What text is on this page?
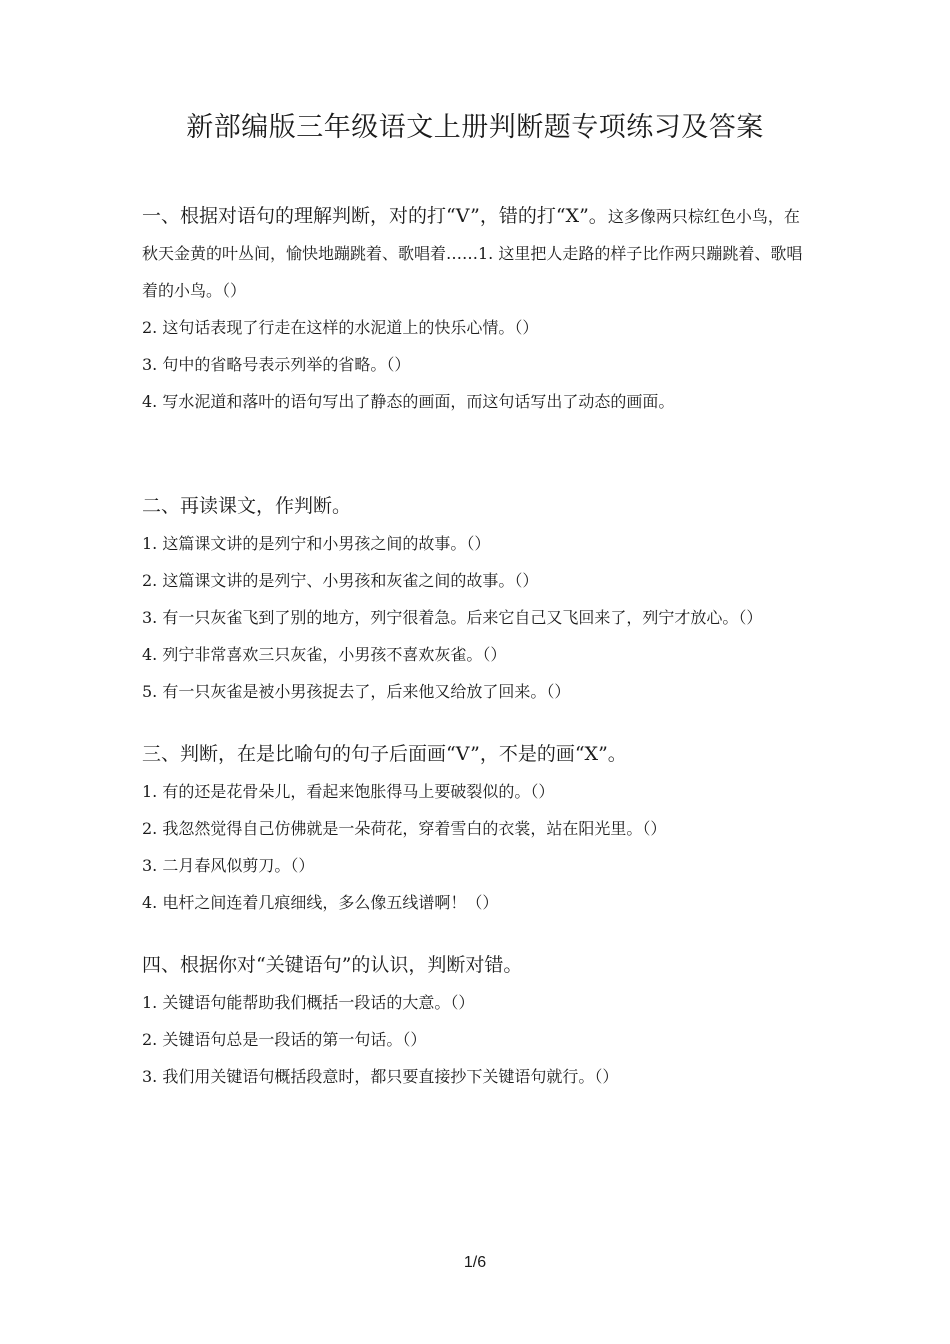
新部编版三年级语文上册判断题专项练习及答案

一、根据对语句的理解判断，对的打“V”，错的打“X”。这多像两只棕红色小鸟，在秋天金黄的叶丛间，愉快地蹦跳着、歌唱着……1. 这里把人走路的样子比作两只蹦跳着、歌唱着的小鸟。（）

2. 这句话表现了行走在这样的水泥道上的快乐心情。（）

3. 句中的省略号表示列举的省略。（）

4. 写水泥道和落叶的语句写出了静态的画面，而这句话写出了动态的画面。

二、再读课文，作判断。

1. 这篇课文讲的是列宁和小男孩之间的故事。（）

2. 这篇课文讲的是列宁、小男孩和灰雀之间的故事。（）

3. 有一只灰雀飞到了别的地方，列宁很着急。后来它自己又飞回来了，列宁才放心。（）

4. 列宁非常喜欢三只灰雀，小男孩不喜欢灰雀。（）

5. 有一只灰雀是被小男孩捉去了，后来他又给放了回来。（）

三、判断，在是比喻句的句子后面画“V”，不是的画“X”。

1. 有的还是花骨朵儿，看起来饱胀得马上要破裂似的。（）

2. 我忽然觉得自己仿佛就是一朵荷花，穿着雪白的衣裳，站在阳光里。（）

3. 二月春风似剪刀。（）

4. 电杆之间连着几痕细线，多么像五线谱啊！（）

四、根据你对“关键语句”的认识，判断对错。

1. 关键语句能帮助我们概括一段话的大意。（）

2. 关键语句总是一段话的第一句话。（）

3. 我们用关键语句概括段意时，都只要直接抄下关键语句就行。（）

1/6
